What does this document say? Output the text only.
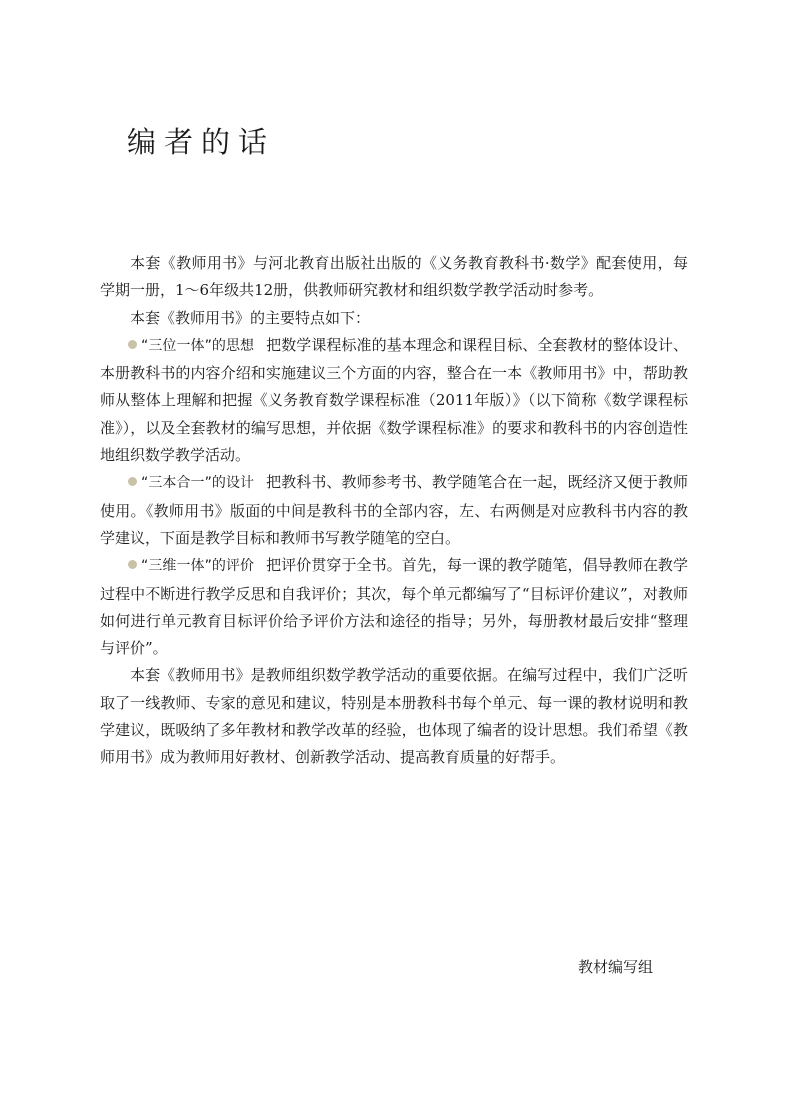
编者的话

本套《教师用书》与河北教育出版社出版的《义务教育教科书·数学》配套使用，每学期一册，1～6年级共12册，供教师研究教材和组织数学教学活动时参考。

本套《教师用书》的主要特点如下：

“三位一体”的思想 把数学课程标准的基本理念和课程目标、全套教材的整体设计、本册教科书的内容介绍和实施建议三个方面的内容，整合在一本《教师用书》中，帮助教师从整体上理解和把握《义务教育数学课程标准（2011年版）》（以下简称《数学课程标准》），以及全套教材的编写思想，并依据《数学课程标准》的要求和教科书的内容创造性地组织数学教学活动。

“三本合一”的设计 把教科书、教师参考书、教学随笔合在一起，既经济又便于教师使用。《教师用书》版面的中间是教科书的全部内容，左、右两侧是对应教科书内容的教学建议，下面是教学目标和教师书写教学随笔的空白。

“三维一体”的评价 把评价贯穿于全书。首先，每一课的教学随笔，倡导教师在教学过程中不断进行教学反思和自我评价；其次，每个单元都编写了“目标评价建议”，对教师如何进行单元教育目标评价给予评价方法和途径的指导；另外，每册教材最后安排“整理与评价”。

本套《教师用书》是教师组织数学教学活动的重要依据。在编写过程中，我们广泛听取了一线教师、专家的意见和建议，特别是本册教科书每个单元、每一课的教材说明和教学建议，既吸纳了多年教材和教学改革的经验，也体现了编者的设计思想。我们希望《教师用书》成为教师用好教材、创新教学活动、提高教育质量的好帮手。

教材编写组
